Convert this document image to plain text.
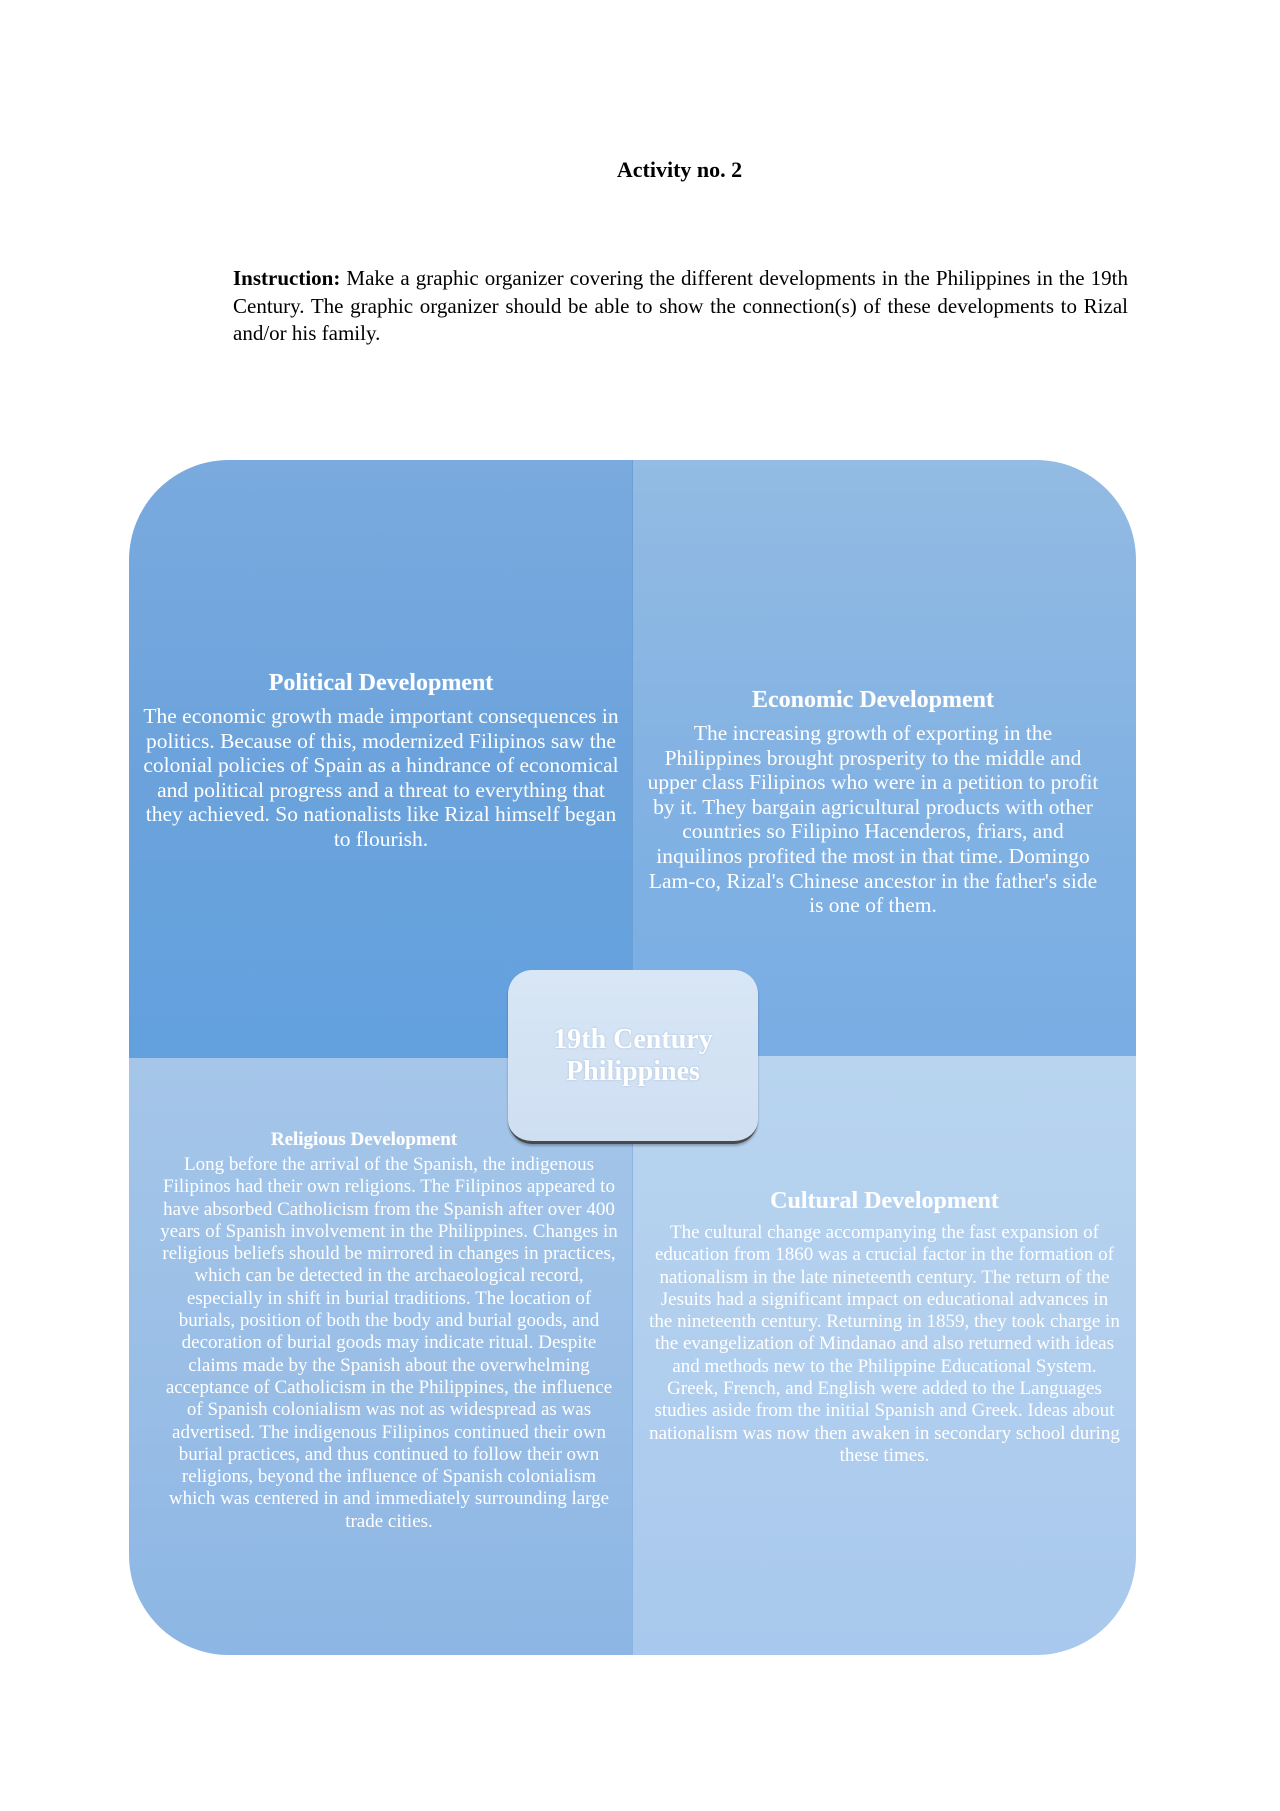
Activity no. 2

Instruction: Make a graphic organizer covering the different developments in the Philippines in the 19th Century. The graphic organizer should be able to show the connection(s) of these developments to Rizal and/or his family.

Political Development
The economic growth made important consequences in politics. Because of this, modernized Filipinos saw the colonial policies of Spain as a hindrance of economical and political progress and a threat to everything that they achieved. So nationalists like Rizal himself began to flourish.
Economic Development
The increasing growth of exporting in the Philippines brought prosperity to the middle and upper class Filipinos who were in a petition to profit by it. They bargain agricultural products with other countries so Filipino Hacenderos, friars, and inquilinos profited the most in that time. Domingo Lam-co, Rizal's Chinese ancestor in the father's side is one of them.
Religious Development
Long before the arrival of the Spanish, the indigenous Filipinos had their own religions. The Filipinos appeared to have absorbed Catholicism from the Spanish after over 400 years of Spanish involvement in the Philippines. Changes in religious beliefs should be mirrored in changes in practices, which can be detected in the archaeological record, especially in shift in burial traditions. The location of burials, position of both the body and burial goods, and decoration of burial goods may indicate ritual. Despite claims made by the Spanish about the overwhelming acceptance of Catholicism in the Philippines, the influence of Spanish colonialism was not as widespread as was advertised. The indigenous Filipinos continued their own burial practices, and thus continued to follow their own religions, beyond the influence of Spanish colonialism which was centered in and immediately surrounding large trade cities.
Cultural Development
The cultural change accompanying the fast expansion of education from 1860 was a crucial factor in the formation of nationalism in the late nineteenth century. The return of the Jesuits had a significant impact on educational advances in the nineteenth century. Returning in 1859, they took charge in the evangelization of Mindanao and also returned with ideas and methods new to the Philippine Educational System. Greek, French, and English were added to the Languages studies aside from the initial Spanish and Greek. Ideas about nationalism was now then awaken in secondary school during these times.
19th Century Philippines
